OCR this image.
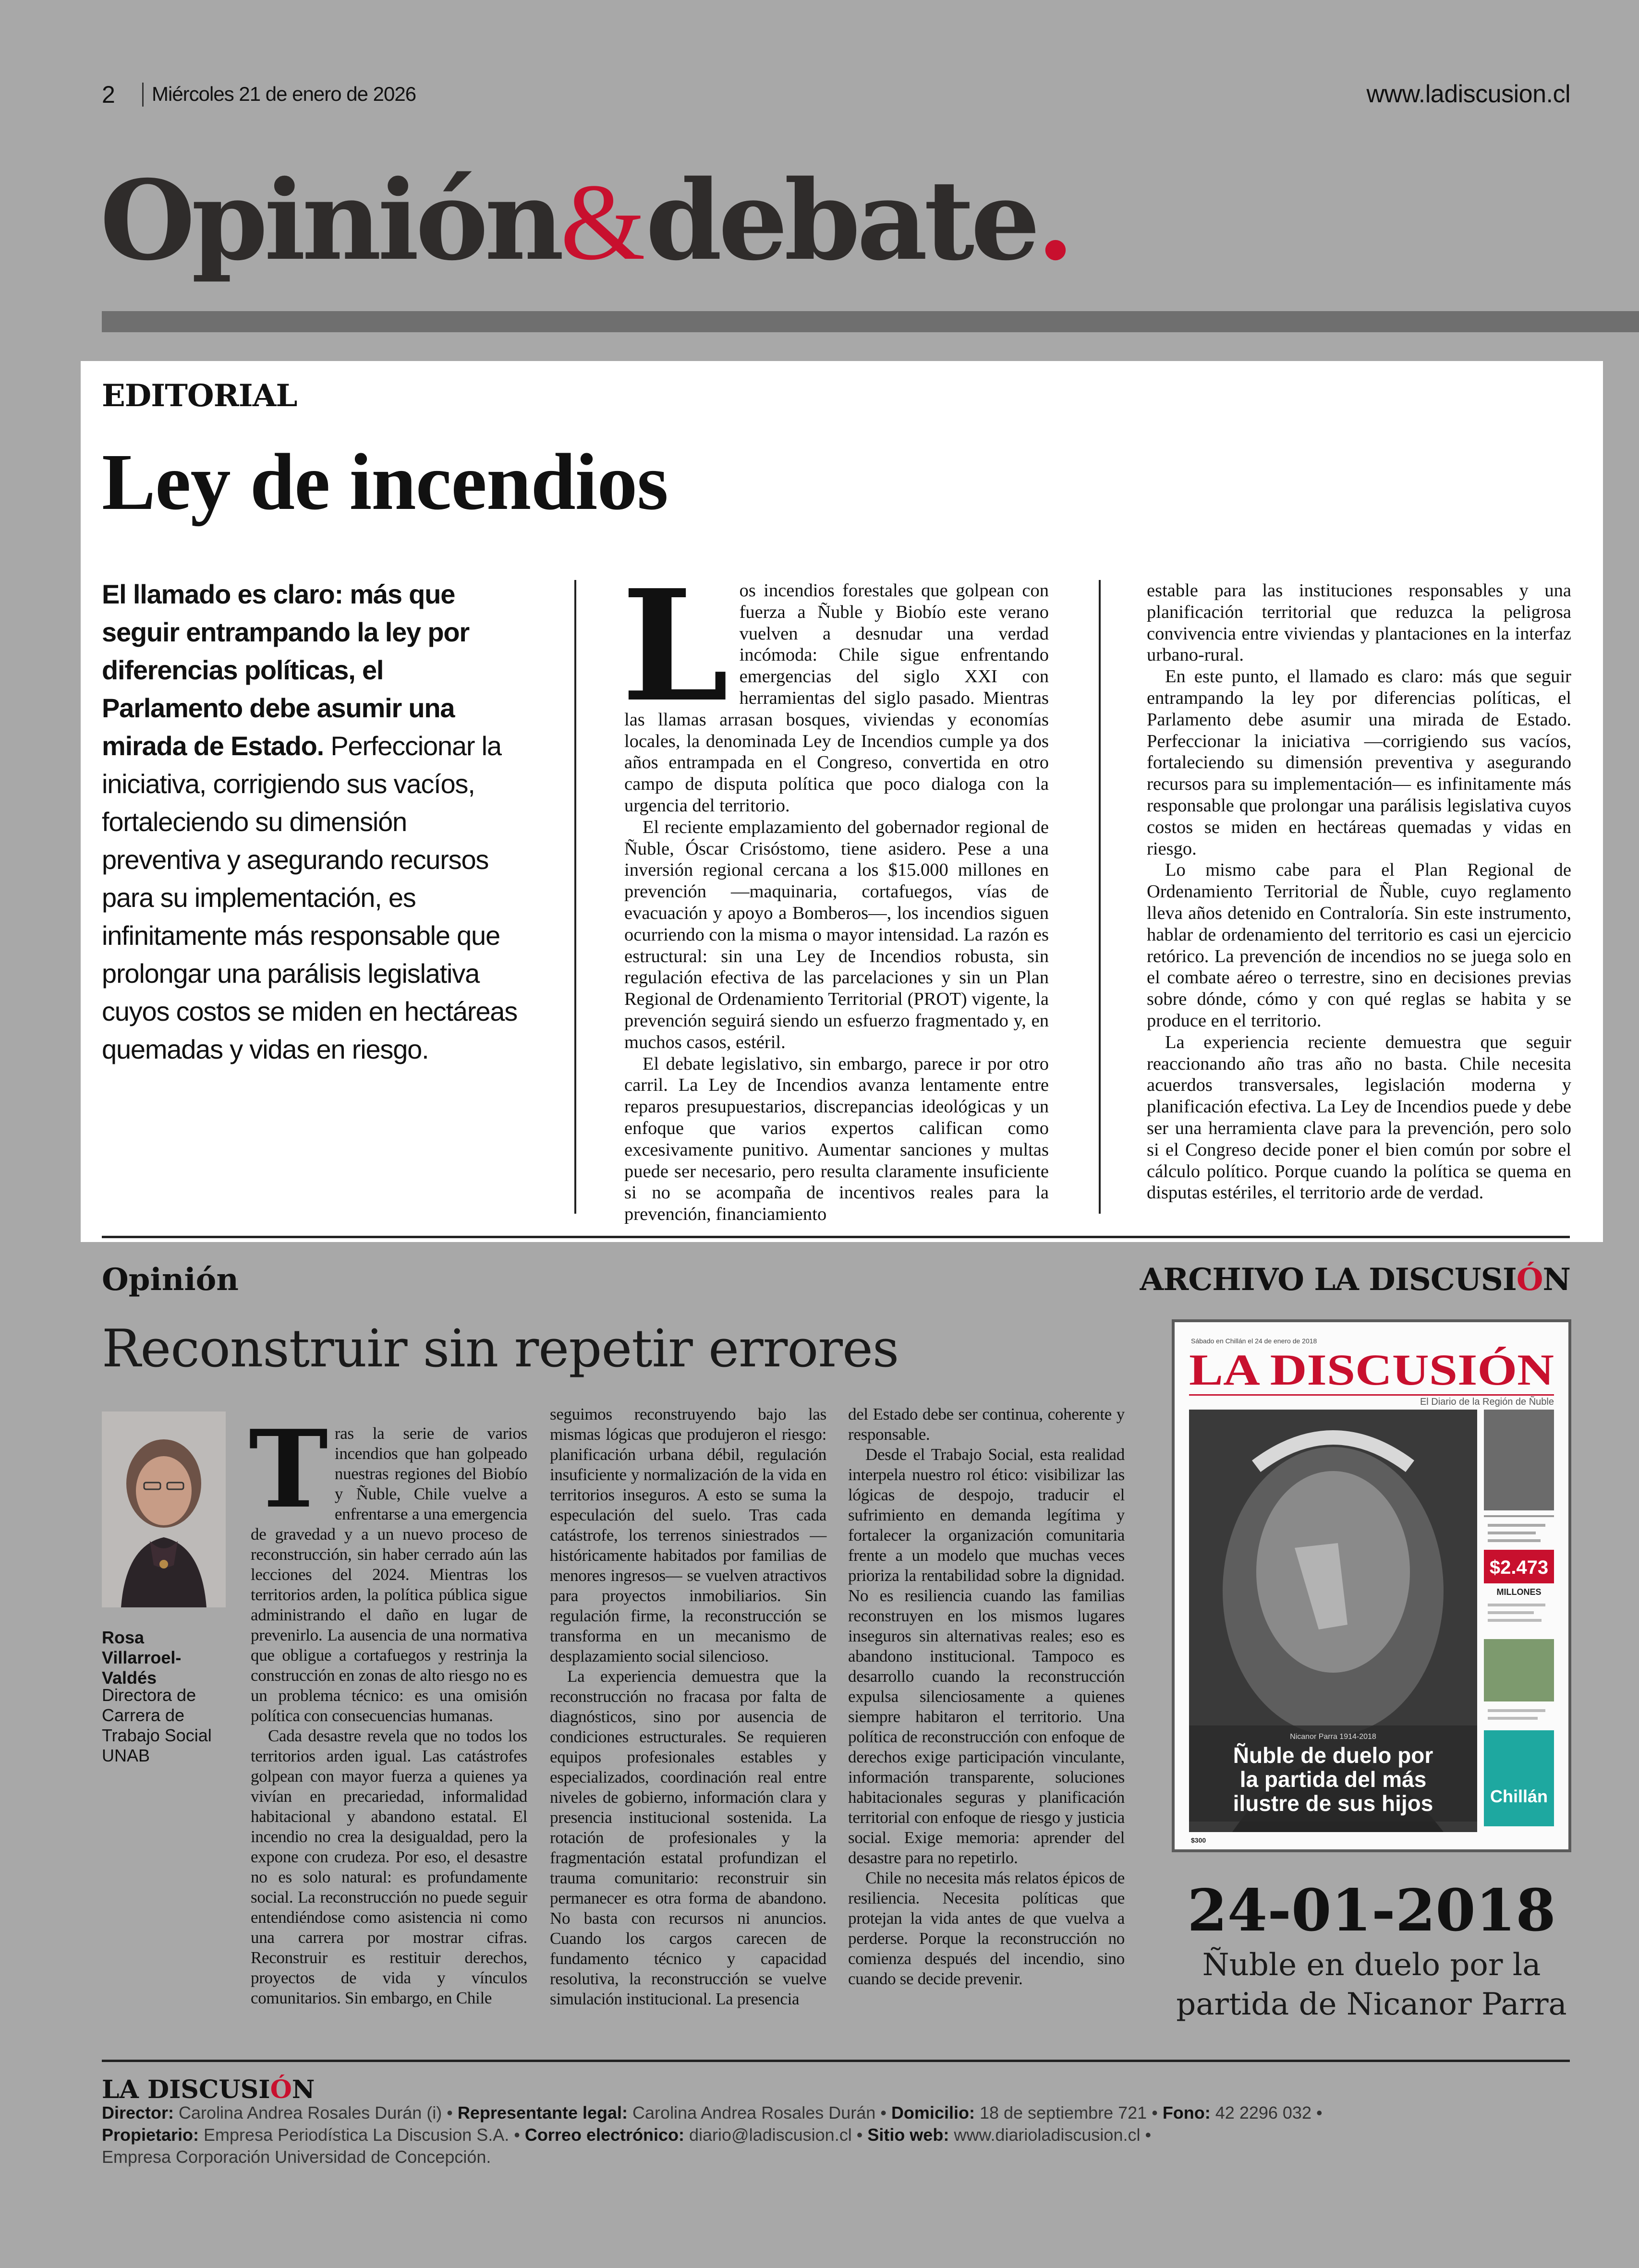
2 Miércoles 21 de enero de 2026	www.ladiscusion.cl
Opinión&debate.
EDITORIAL
Ley de incendios
El llamado es claro: más que seguir entrampando la ley por diferencias políticas, el Parlamento debe asumir una mirada de Estado. Perfeccionar la iniciativa, corrigiendo sus vacíos, fortaleciendo su dimensión preventiva y asegurando recursos para su implementación, es infinitamente más responsable que prolongar una parálisis legislativa cuyos costos se miden en hectáreas quemadas y vidas en riesgo.
L os incendios forestales que golpean con fuerza a Ñuble y Biobío este verano vuelven a desnudar una verdad incómoda: Chile sigue enfrentando emergencias del siglo XXI con herramientas del siglo pasado. Mientras las llamas arrasan bosques, viviendas y economías locales, la denominada Ley de Incendios cumple ya dos años entrampada en el Congreso, convertida en otro campo de disputa política que poco dialoga con la urgencia del territorio.

El reciente emplazamiento del gobernador regional de Ñuble, Óscar Crisóstomo, tiene asidero. Pese a una inversión regional cercana a los $15.000 millones en prevención —maquinaria, cortafuegos, vías de evacuación y apoyo a Bomberos—, los incendios siguen ocurriendo con la misma o mayor intensidad. La razón es estructural: sin una Ley de Incendios robusta, sin regulación efectiva de las parcelaciones y sin un Plan Regional de Ordenamiento Territorial (PROT) vigente, la prevención seguirá siendo un esfuerzo fragmentado y, en muchos casos, estéril.

El debate legislativo, sin embargo, parece ir por otro carril. La Ley de Incendios avanza lentamente entre reparos presupuestarios, discrepancias ideológicas y un enfoque que varios expertos califican como excesivamente punitivo. Aumentar sanciones y multas puede ser necesario, pero resulta claramente insuficiente si no se acompaña de incentivos reales para la prevención, financiamiento

estable para las instituciones responsables y una planificación territorial que reduzca la peligrosa convivencia entre viviendas y plantaciones en la interfaz urbano-rural.

En este punto, el llamado es claro: más que seguir entrampando la ley por diferencias políticas, el Parlamento debe asumir una mirada de Estado. Perfeccionar la iniciativa —corrigiendo sus vacíos, fortaleciendo su dimensión preventiva y asegurando recursos para su implementación— es infinitamente más responsable que prolongar una parálisis legislativa cuyos costos se miden en hectáreas quemadas y vidas en riesgo.

Lo mismo cabe para el Plan Regional de Ordenamiento Territorial de Ñuble, cuyo reglamento lleva años detenido en Contraloría. Sin este instrumento, hablar de ordenamiento del territorio es casi un ejercicio retórico. La prevención de incendios no se juega solo en el combate aéreo o terrestre, sino en decisiones previas sobre dónde, cómo y con qué reglas se habita y se produce en el territorio.

La experiencia reciente demuestra que seguir reaccionando año tras año no basta. Chile necesita acuerdos transversales, legislación moderna y planificación efectiva. La Ley de Incendios puede y debe ser una herramienta clave para la prevención, pero solo si el Congreso decide poner el bien común por sobre el cálculo político. Porque cuando la política se quema en disputas estériles, el territorio arde de verdad.

Opinión
Reconstruir sin repetir errores
Rosa Villarroel-Valdés
Directora de Carrera de Trabajo Social UNAB
T ras la serie de varios incendios que han golpeado nuestras regiones del Biobío y Ñuble, Chile vuelve a enfrentarse a una emergencia de gravedad y a un nuevo proceso de reconstrucción, sin haber cerrado aún las lecciones del 2024. Mientras los territorios arden, la política pública sigue administrando el daño en lugar de prevenirlo. La ausencia de una normativa que obligue a cortafuegos y restrinja la construcción en zonas de alto riesgo no es un problema técnico: es una omisión política con consecuencias humanas.

Cada desastre revela que no todos los territorios arden igual. Las catástrofes golpean con mayor fuerza a quienes ya vivían en precariedad, informalidad habitacional y abandono estatal. El incendio no crea la desigualdad, pero la expone con crudeza. Por eso, el desastre no es solo natural: es profundamente social. La reconstrucción no puede seguir entendiéndose como asistencia ni como una carrera por mostrar cifras. Reconstruir es restituir derechos, proyectos de vida y vínculos comunitarios. Sin embargo, en Chile

seguimos reconstruyendo bajo las mismas lógicas que produjeron el riesgo: planificación urbana débil, regulación insuficiente y normalización de la vida en territorios inseguros. A esto se suma la especulación del suelo. Tras cada catástrofe, los terrenos siniestrados —históricamente habitados por familias de menores ingresos— se vuelven atractivos para proyectos inmobiliarios. Sin regulación firme, la reconstrucción se transforma en un mecanismo de desplazamiento social silencioso.

La experiencia demuestra que la reconstrucción no fracasa por falta de diagnósticos, sino por ausencia de condiciones estructurales. Se requieren equipos profesionales estables y especializados, coordinación real entre niveles de gobierno, información clara y presencia institucional sostenida. La rotación de profesionales y la fragmentación estatal profundizan el trauma comunitario: reconstruir sin permanecer es otra forma de abandono. No basta con recursos ni anuncios. Cuando los cargos carecen de fundamento técnico y capacidad resolutiva, la reconstrucción se vuelve simulación institucional. La presencia

del Estado debe ser continua, coherente y responsable.

Desde el Trabajo Social, esta realidad interpela nuestro rol ético: visibilizar las lógicas de despojo, traducir el sufrimiento en demanda legítima y fortalecer la organización comunitaria frente a un modelo que muchas veces prioriza la rentabilidad sobre la dignidad. No es resiliencia cuando las familias reconstruyen en los mismos lugares inseguros sin alternativas reales; eso es abandono institucional. Tampoco es desarrollo cuando la reconstrucción expulsa silenciosamente a quienes siempre habitaron el territorio. Una política de reconstrucción con enfoque de derechos exige participación vinculante, información transparente, soluciones habitacionales seguras y planificación territorial con enfoque de riesgo y justicia social. Exige memoria: aprender del desastre para no repetirlo.

Chile no necesita más relatos épicos de resiliencia. Necesita políticas que protejan la vida antes de que vuelva a perderse. Porque la reconstrucción no comienza después del incendio, sino cuando se decide prevenir.

ARCHIVO LA DISCUSIÓN
Sábado en Chillán el 24 de enero de 2018
LA DISCUSIÓN
El Diario de la Región de Ñuble
Nicanor Parra 1914-2018
Ñuble de duelo por
la partida del más
ilustre de sus hijos
$2.473
MILLONES
Chillán
$300
24-01-2018
Ñuble en duelo por la partida de Nicanor Parra
LA DISCUSIÓN
Director: Carolina Andrea Rosales Durán (i) • Representante legal: Carolina Andrea Rosales Durán • Domicilio: 18 de septiembre 721 • Fono: 42 2296 032 •
Propietario: Empresa Periodística La Discusion S.A. • Correo electrónico: diario@ladiscusion.cl • Sitio web: www.diarioladiscusion.cl •
Empresa Corporación Universidad de Concepción.
